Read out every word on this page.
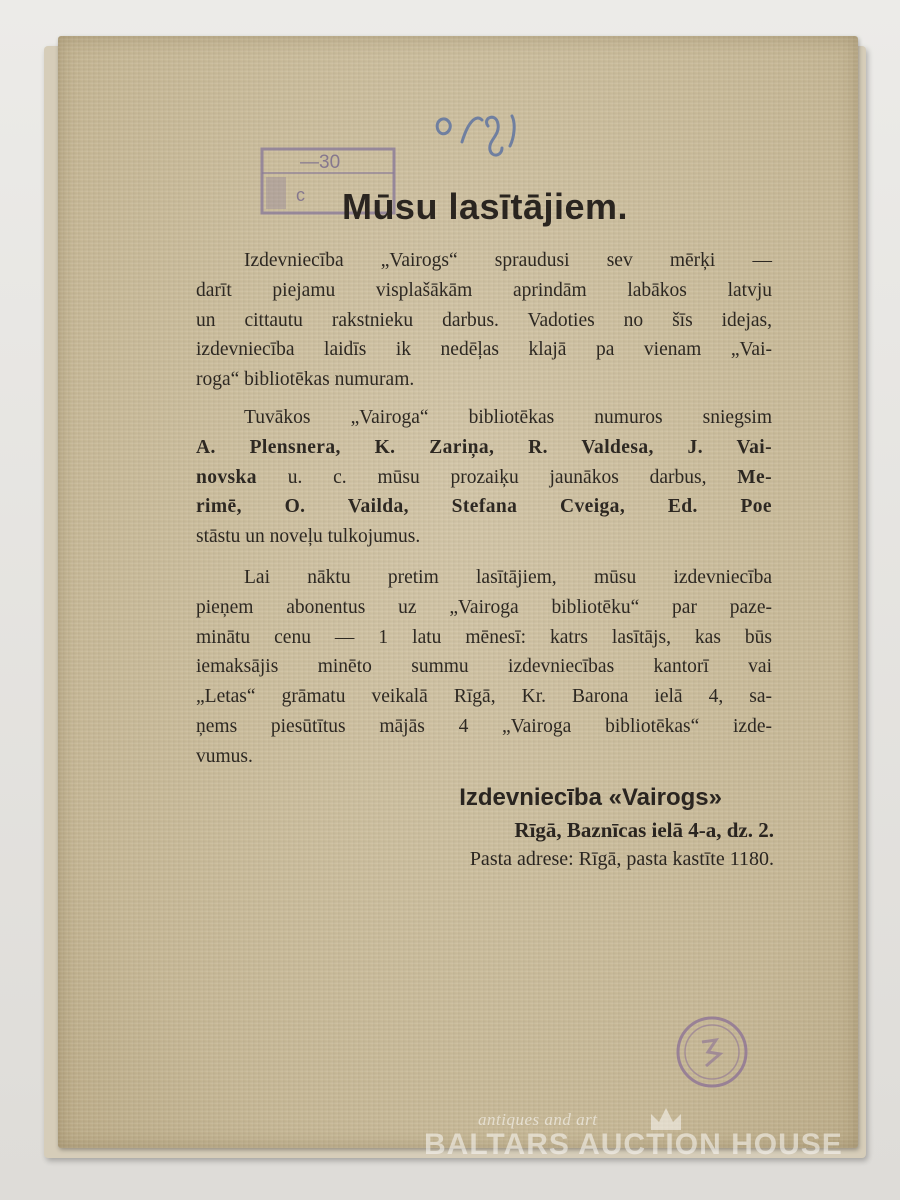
—30
c	Mūsu lasītājiem.
Izdevniecība „Vairogs“ spraudusi sev mērķi —
darīt piejamu visplašākām aprindām labākos latvju
un cittautu rakstnieku darbus. Vadoties no šīs idejas,
izdevniecība laidīs ik nedēļas klajā pa vienam „Vai-
roga“ bibliotēkas numuram.
Tuvākos „Vairoga“ bibliotēkas numuros sniegsim
A. Plensnera, K. Zariņa, R. Valdesa, J. Vai-
novska u. c. mūsu prozaiķu jaunākos darbus, Me-
rimē, O. Vailda, Stefana Cveiga, Ed. Poe
stāstu un noveļu tulkojumus.
Lai nāktu pretim lasītājiem, mūsu izdevniecība
pieņem abonentus uz „Vairoga bibliotēku“ par paze-
minātu cenu — 1 latu mēnesī: katrs lasītājs, kas būs
iemaksājis minēto summu izdevniecības kantorī vai
„Letas“ grāmatu veikalā Rīgā, Kr. Barona ielā 4, sa-
ņems piesūtītus mājās 4 „Vairoga bibliotēkas“ izde-
vumus.
Izdevniecība «Vairogs»
Rīgā, Baznīcas ielā 4-a, dz. 2.
Pasta adrese: Rīgā, pasta kastīte 1180.
antiques and art
BALTARS AUCTION HOUSE
